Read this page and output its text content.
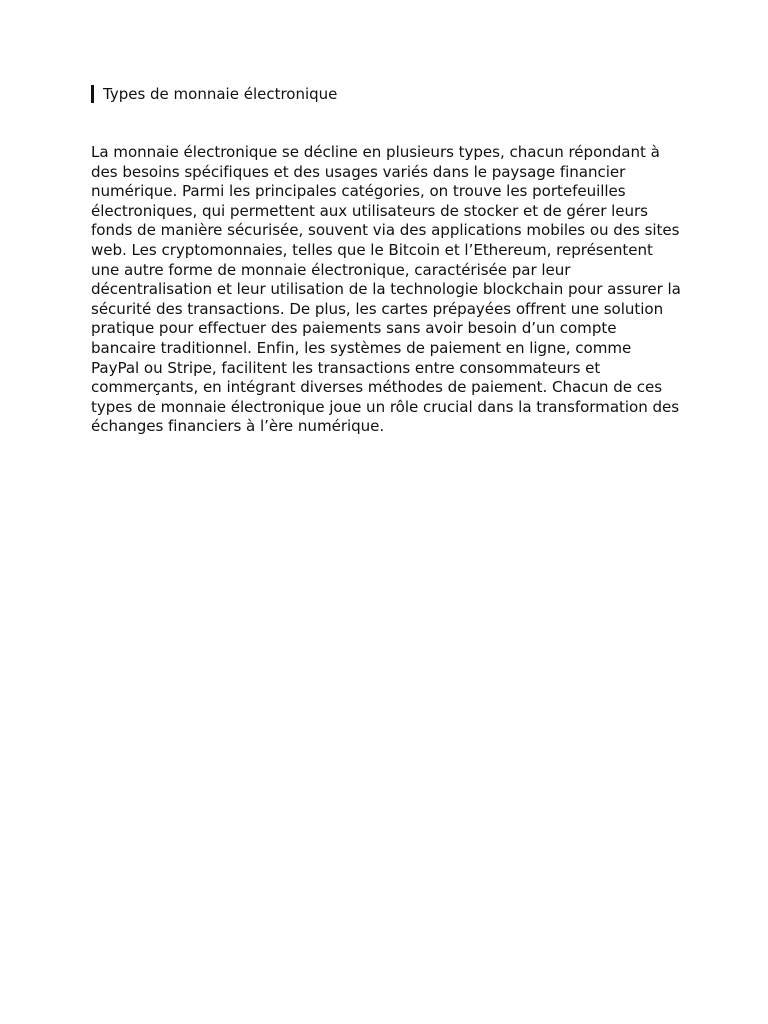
Types de monnaie électronique

La monnaie électronique se décline en plusieurs types, chacun répondant à des besoins spécifiques et des usages variés dans le paysage financier numérique. Parmi les principales catégories, on trouve les portefeuilles électroniques, qui permettent aux utilisateurs de stocker et de gérer leurs fonds de manière sécurisée, souvent via des applications mobiles ou des sites web. Les cryptomonnaies, telles que le Bitcoin et l’Ethereum, représentent une autre forme de monnaie électronique, caractérisée par leur décentralisation et leur utilisation de la technologie blockchain pour assurer la sécurité des transactions. De plus, les cartes prépayées offrent une solution pratique pour effectuer des paiements sans avoir besoin d’un compte bancaire traditionnel. Enfin, les systèmes de paiement en ligne, comme PayPal ou Stripe, facilitent les transactions entre consommateurs et commerçants, en intégrant diverses méthodes de paiement. Chacun de ces types de monnaie électronique joue un rôle crucial dans la transformation des échanges financiers à l’ère numérique.
